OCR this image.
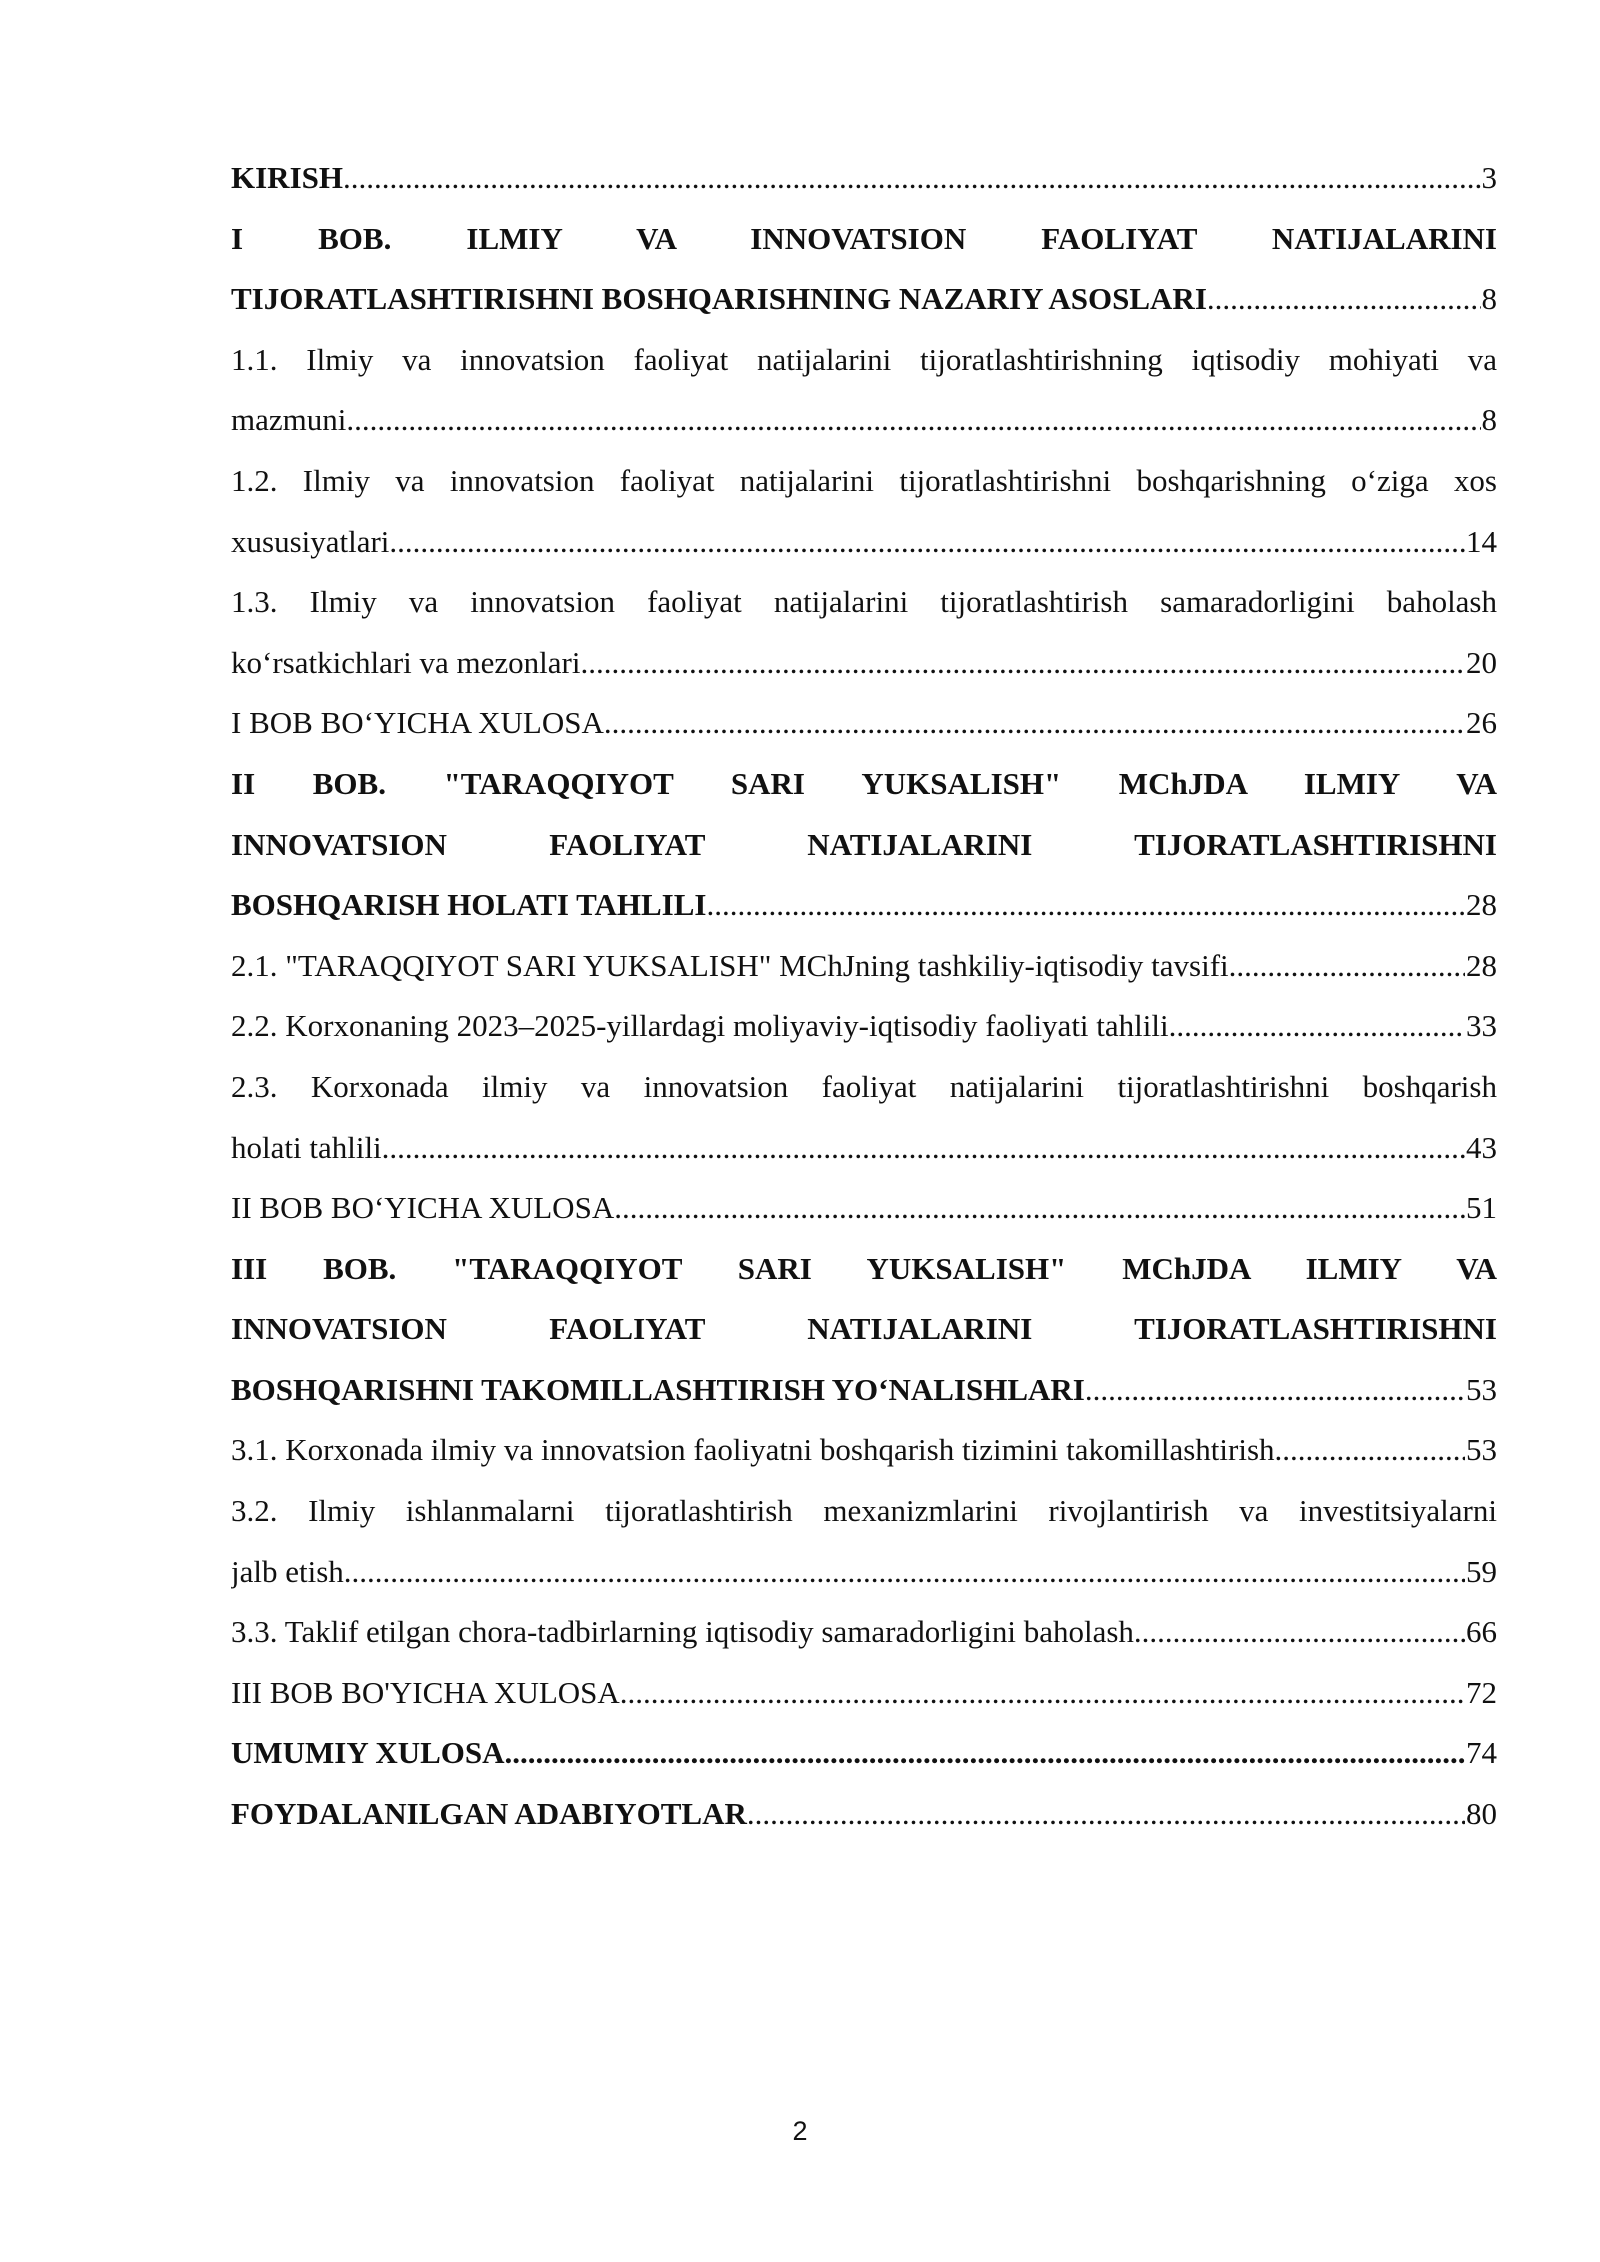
KIRISH .....	3
I BOB. ILMIY VA INNOVATSION FAOLIYAT NATIJALARINI
TIJORATLASHTIRISHNI BOSHQARISHNING NAZARIY ASOSLARI .....	8
1.1. Ilmiy va innovatsion faoliyat natijalarini tijoratlashtirishning iqtisodiy mohiyati va
mazmuni .....	8
1.2. Ilmiy va innovatsion faoliyat natijalarini tijoratlashtirishni boshqarishning o‘ziga xos
xususiyatlari .....	14
1.3. Ilmiy va innovatsion faoliyat natijalarini tijoratlashtirish samaradorligini baholash
ko‘rsatkichlari va mezonlari .....	20
I BOB BO‘YICHA XULOSA .....	26
II BOB. "TARAQQIYOT SARI YUKSALISH" MChJDA ILMIY VA
INNOVATSION FAOLIYAT NATIJALARINI TIJORATLASHTIRISHNI
BOSHQARISH HOLATI TAHLILI .....	28
2.1. "TARAQQIYOT SARI YUKSALISH" MChJning tashkiliy-iqtisodiy tavsifi .....	28
2.2. Korxonaning 2023–2025-yillardagi moliyaviy-iqtisodiy faoliyati tahlili .....	33
2.3. Korxonada ilmiy va innovatsion faoliyat natijalarini tijoratlashtirishni boshqarish
holati tahlili .....	43
II BOB BO‘YICHA XULOSA .....	51
III BOB. "TARAQQIYOT SARI YUKSALISH" MChJDA ILMIY VA
INNOVATSION FAOLIYAT NATIJALARINI TIJORATLASHTIRISHNI
BOSHQARISHNI TAKOMILLASHTIRISH YO‘NALISHLARI .....	53
3.1. Korxonada ilmiy va innovatsion faoliyatni boshqarish tizimini takomillashtirish .....	53
3.2. Ilmiy ishlanmalarni tijoratlashtirish mexanizmlarini rivojlantirish va investitsiyalarni
jalb etish .....	59
3.3. Taklif etilgan chora-tadbirlarning iqtisodiy samaradorligini baholash .....	66
III BOB BO'YICHA XULOSA .....	72
UMUMIY XULOSA .....	74
FOYDALANILGAN ADABIYOTLAR .....	80
2
